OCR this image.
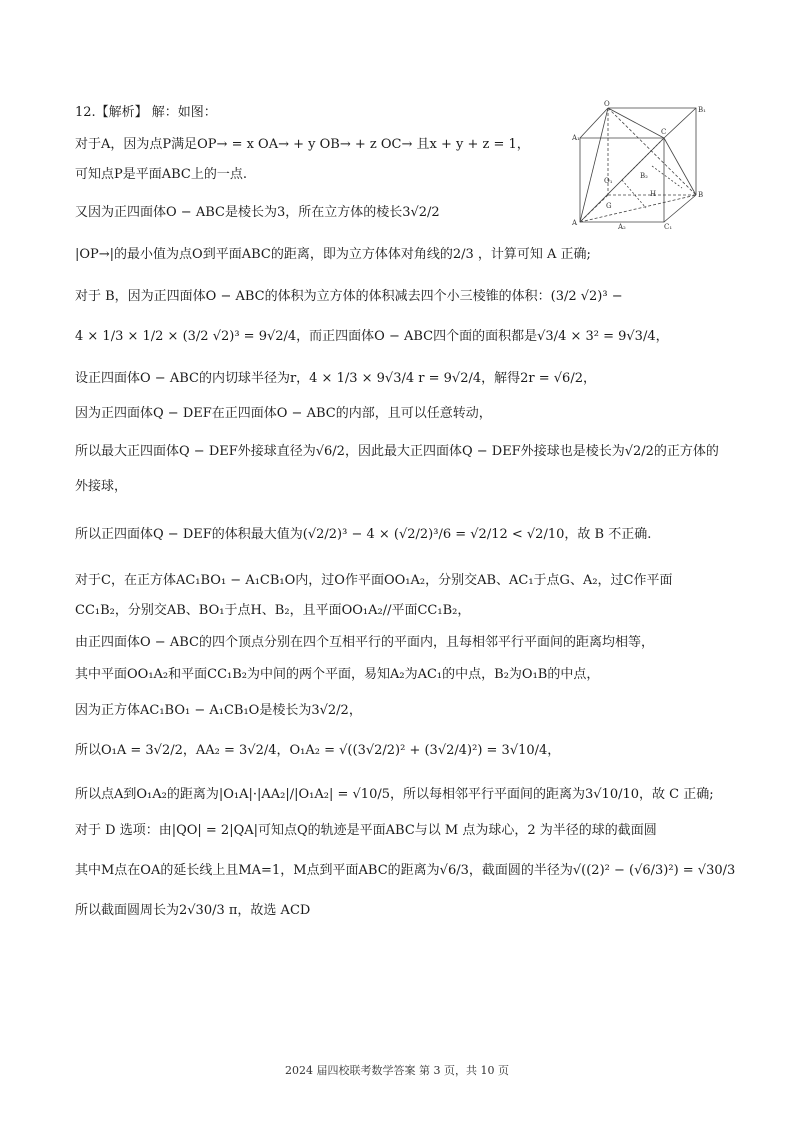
12.【解析】 解：如图：
对于A，因为点P满足OP→ = x OA→ + y OB→ + z OC→ 且x + y + z = 1，
可知点P是平面ABC上的一点.
又因为正四面体O − ABC是棱长为3，所在立方体的棱长3√2/2
|OP→|的最小值为点O到平面ABC的距离，即为立方体体对角线的2/3 ，计算可知 A 正确;
对于 B，因为正四面体O − ABC的体积为立方体的体积减去四个小三棱锥的体积：(3/2 √2)³ −
4 × 1/3 × 1/2 × (3/2 √2)³ = 9√2/4，而正四面体O − ABC四个面的面积都是√3/4 × 3² = 9√3/4，
设正四面体O − ABC的内切球半径为r，4 × 1/3 × 9√3/4 r = 9√2/4，解得2r = √6/2，
因为正四面体Q − DEF在正四面体O − ABC的内部，且可以任意转动，
所以最大正四面体Q − DEF外接球直径为√6/2，因此最大正四面体Q − DEF外接球也是棱长为√2/2的正方体的
外接球，
所以正四面体Q − DEF的体积最大值为(√2/2)³ − 4 × (√2/2)³/6 = √2/12 < √2/10，故 B 不正确.
对于C，在正方体AC₁BO₁ − A₁CB₁O内，过O作平面OO₁A₂，分别交AB、AC₁于点G、A₂，过C作平面
CC₁B₂，分别交AB、BO₁于点H、B₂，且平面OO₁A₂//平面CC₁B₂，
由正四面体O − ABC的四个顶点分别在四个互相平行的平面内，且每相邻平行平面间的距离均相等，
其中平面OO₁A₂和平面CC₁B₂为中间的两个平面，易知A₂为AC₁的中点，B₂为O₁B的中点，
因为正方体AC₁BO₁ − A₁CB₁O是棱长为3√2/2，
所以O₁A = 3√2/2，AA₂ = 3√2/4，O₁A₂ = √((3√2/2)² + (3√2/4)²) = 3√10/4，
所以点A到O₁A₂的距离为|O₁A|·|AA₂|/|O₁A₂| = √10/5，所以每相邻平行平面间的距离为3√10/10，故 C 正确;
对于 D 选项：由|QO| = 2|QA|可知点Q的轨迹是平面ABC与以 M 点为球心，2 为半径的球的截面圆
其中M点在OA的延长线上且MA=1，M点到平面ABC的距离为√6/3，截面圆的半径为√((2)² − (√6/3)²) = √30/3
所以截面圆周长为2√30/3 π，故选 ACD
O
B₁
A₁
C
O₁
B₂
H	B
A
G
A₂	C₁
2024 届四校联考数学答案 第 3 页，共 10 页
